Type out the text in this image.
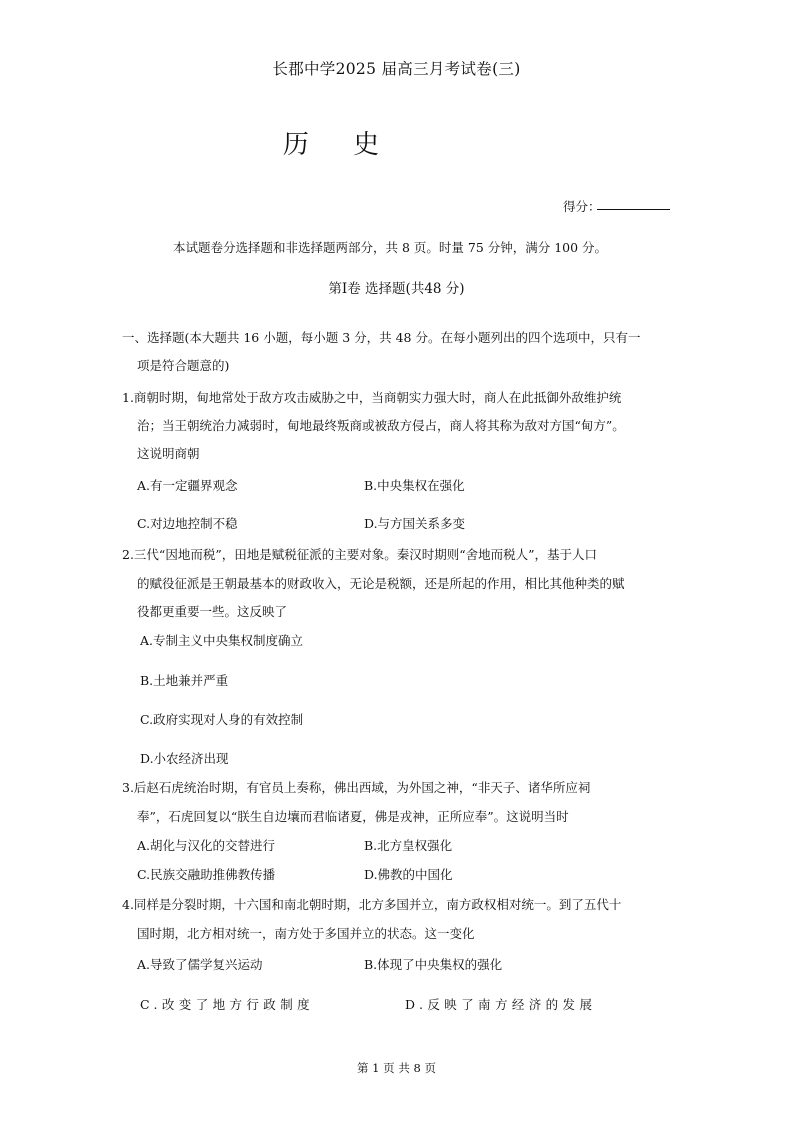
长郡中学2025 届高三月考试卷(三)
历 史
得分：
本试题卷分选择题和非选择题两部分，共 8 页。时量 75 分钟，满分 100 分。
第Ⅰ卷 选择题(共48 分)
一、选择题(本大题共 16 小题，每小题 3 分，共 48 分。在每小题列出的四个选项中，只有一
项是符合题意的)
1.商朝时期，甸地常处于敌方攻击威胁之中，当商朝实力强大时，商人在此抵御外敌维护统
治；当王朝统治力减弱时，甸地最终叛商或被敌方侵占，商人将其称为敌对方国“甸方”。
这说明商朝
A.有一定疆界观念	B.中央集权在强化
C.对边地控制不稳	D.与方国关系多变
2.三代“因地而税”，田地是赋税征派的主要对象。秦汉时期则“舍地而税人”，基于人口
的赋役征派是王朝最基本的财政收入，无论是税额，还是所起的作用，相比其他种类的赋
役都更重要一些。这反映了
A.专制主义中央集权制度确立
B.土地兼并严重
C.政府实现对人身的有效控制
D.小农经济出现
3.后赵石虎统治时期，有官员上奏称，佛出西域，为外国之神，“非天子、诸华所应祠
奉”，石虎回复以“朕生自边壤而君临诸夏，佛是戎神，正所应奉”。这说明当时
A.胡化与汉化的交替进行	B.北方皇权强化
C.民族交融助推佛教传播	D.佛教的中国化
4.同样是分裂时期，十六国和南北朝时期，北方多国并立，南方政权相对统一。到了五代十
国时期，北方相对统一，南方处于多国并立的状态。这一变化
A.导致了儒学复兴运动	B.体现了中央集权的强化
C.改变了地方行政制度	D.反映了南方经济的发展
第 1 页 共 8 页
